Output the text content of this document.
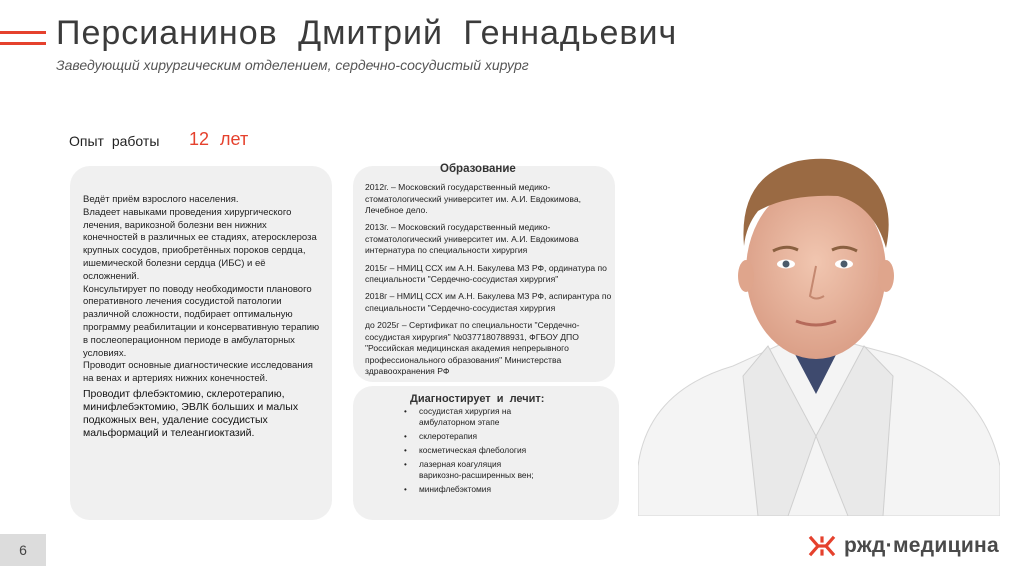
Персианинов Дмитрий Геннадьевич
Заведующий хирургическим отделением, сердечно-сосудистый хирург
Опыт работы 12 лет

Ведёт приём взрослого населения.

Владеет навыками проведения хирургического лечения, варикозной болезни вен нижних конечностей в различных ее стадиях, атеросклероза крупных сосудов, приобретённых пороков сердца, ишемической болезни сердца (ИБС) и её осложнений.

Консультирует по поводу необходимости планового оперативного лечения сосудистой патологии различной сложности, подбирает оптимальную программу реабилитации и консервативную терапию в послеоперационном периоде в амбулаторных условиях.

Проводит основные диагностические исследования на венах и артериях нижних конечностей.

Проводит флебэктомию, склеротерапию, минифлебэктомию, ЭВЛК больших и малых подкожных вен, удаление сосудистых мальформаций и телеангиоктазий.

Образование

2012г. – Московский государственный медико-стоматологический университет им. А.И. Евдокимова, Лечебное дело.

2013г. – Московский государственный медико-стоматологический университет им. А.И. Евдокимова интернатура по специальности хирургия

2015г – НМИЦ ССХ им А.Н. Бакулева МЗ РФ, ординатура по специальности "Сердечно-сосудистая хирургия"

2018г – НМИЦ ССХ им А.Н. Бакулева МЗ РФ, аспирантура по специальности "Сердечно-сосудистая хирургия

до 2025г – Сертификат по специальности "Сердечно-сосудистая хирургия" №0377180788931, ФГБОУ ДПО "Российская медицинская академия непрерывного профессионального образования" Министерства здравоохранения РФ

Диагностирует и лечит:
• сосудистая хирургия на амбулаторном этапе
• склеротерапия
• косметическая флебология
• лазерная коагуляция варикозно-расширенных вен;
• минифлебэктомия
6	ржд·медицина
